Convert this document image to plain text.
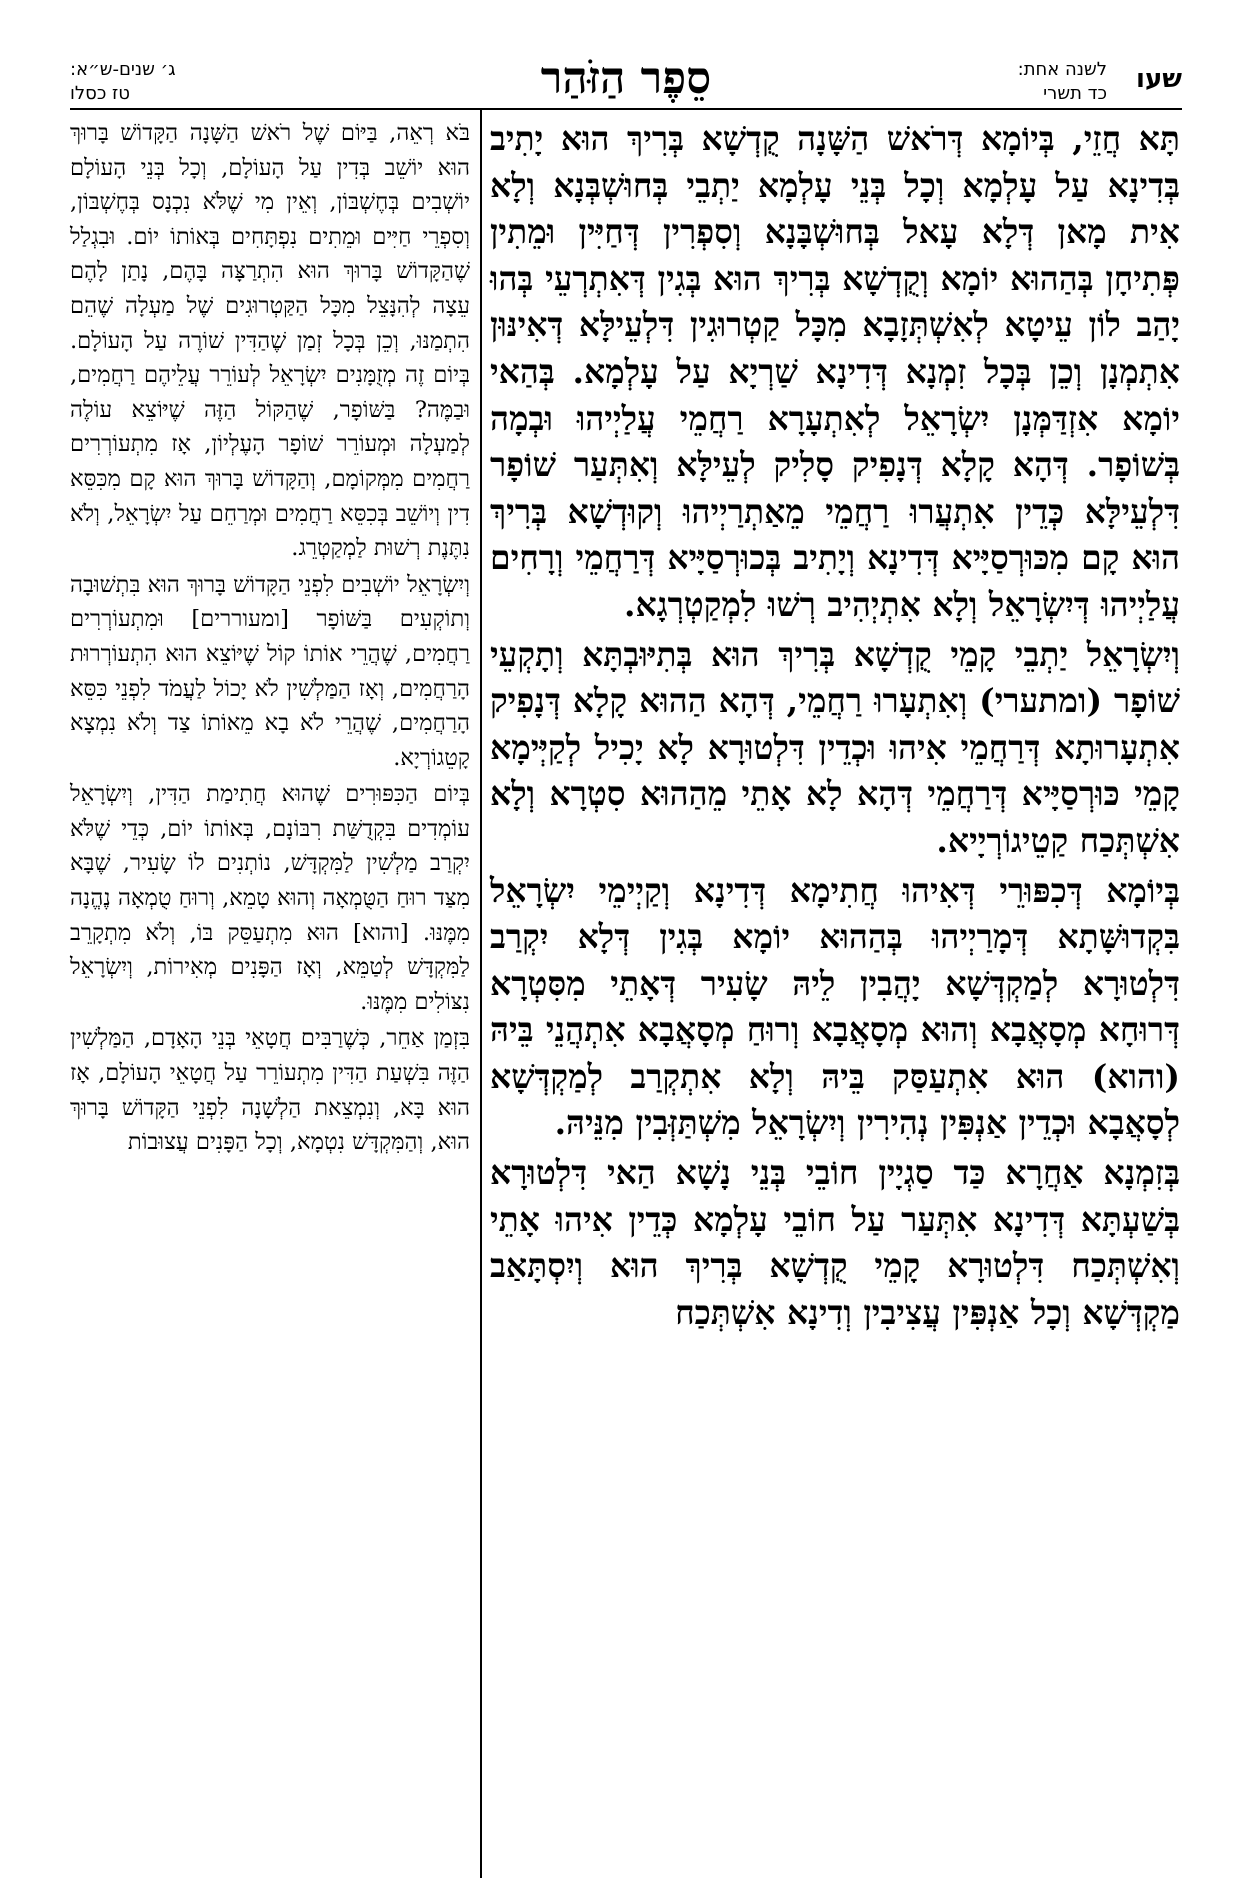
שעו
לשנה אחת:
כד תשרי
סֵפֶר הַזֹּהַר
ג׳ שנים-ש״א:
טז כסלו

תָּא חֲזֵי, בְּיוֹמָא דְּרֹאשׁ הַשָּׁנָה קֻדְשָׁא בְּרִיךְ הוּא יָתִיב בְּדִינָא עַל עָלְמָא וְכָל בְּנֵי עָלְמָא יַתְבֵי בְּחוּשְׁבְּנָא וְלָא אִית מָאן דְּלָא עָאל בְּחוּשְׁבָּנָא וְסִפְרִין דְּחַיִּין וּמֵתִין פְּתִיחָן בְּהַהוּא יוֹמָא וְקֻדְשָׁא בְּרִיךְ הוּא בְּגִין דְּאִתְרְעֵי בְּהוּ יָהַב לוֹן עֵיטָא לְאִשְׁתְּזָבָא מִכָּל קַטְרוּגִין דִּלְעֵילָּא דְּאִינּוּן אִתְמְנָן וְכֵן בְּכָל זִמְנָא דְּדִינָא שַׁרְיָא עַל עָלְמָא. בְּהַאי יוֹמָא אִזְדַּמְּנָן יִשְׂרָאֵל לְאִתְעָרָא רַחֲמֵי עֲלַיְיהוּ וּבְמָה בְּשׁוֹפָר. דְּהָא קָלָא דְּנָפִיק סָלִיק לְעֵילָּא וְאִתְּעַר שׁוֹפָר דִּלְעֵילָּא כְּדֵין אִתְעֲרוּ רַחֲמֵי מֵאַתְרַיְיהוּ וְקוּדְשָׁא בְּרִיךְ הוּא קָם מִכּוּרְסַיָּיא דְּדִינָא וְיָתִיב בְּכוּרְסַיָּיא דְּרַחֲמֵי וְרָחִים עֲלַיְיהוּ דְּיִשְׂרָאֵל וְלָא אִתְיְהִיב רְשׁוּ לִמְקַטְרְגָא.

וְיִשְׂרָאֵל יַתְבֵי קָמֵי קֻדְשָׁא בְּרִיךְ הוּא בְּתִיּוּבְתָּא וְתָקְעֵי שׁוֹפָר (ומתערי) וְאִתְעָרוּ רַחֲמֵי, דְּהָא הַהוּא קָלָא דְּנָפִיק אִתְעָרוּתָא דְּרַחֲמֵי אִיהוּ וּכְדֵין דִּלְטוּרָא לָא יָכִיל לְקַיְּימָא קָמֵי כּוּרְסַיָּיא דְּרַחֲמֵי דְּהָא לָא אָתֵי מֵהַהוּא סִטְרָא וְלָא אִשְׁתְּכַח קַטֵיגוֹרְיָיא.

בְּיוֹמָא דְּכִפּוּרֵי דְּאִיהוּ חֲתִימָא דְּדִינָא וְקַיְימֵי יִשְׂרָאֵל בִּקְדוּשָּׁתָא דְּמָרַיְיהוּ בְּהַהוּא יוֹמָא בְּגִין דְּלָא יִקְרַב דִּלְטוּרָא לְמַקְדְּשָׁא יָהֲבִין לֵיהּ שָׂעִיר דְּאָתֵי מִסִּטְרָא דְּרוּחָא מְסָאֲבָא וְהוּא מְסָאֲבָא וְרוּחַ מְסָאֲבָא אִתְהֲנֵי בֵּיהּ (והוא) הוּא אִתְעַסַּק בֵּיהּ וְלָא אִתְקְרַב לְמַקְדְּשָׁא לְסָאֲבָא וּכְדֵין אַנְפִּין נְהִירִין וְיִשְׂרָאֵל מִשְׁתַּזְּבִין מִנֵּיהּ.

בְּזִמְנָא אַחֲרָא כַּד סַגְיָין חוֹבֵי בְּנֵי נָשָׁא הַאי דִּלְטוּרָא בְּשַׁעְתָּא דְּדִינָא אִתְּעַר עַל חוֹבֵי עָלְמָא כְּדֵין אִיהוּ אָתֵי וְאִשְׁתְּכַח דִּלְטוּרָא קָמֵי קֻדְשָׁא בְּרִיךְ הוּא וְיִסְתָּאַב מַקְדְּשָׁא וְכָל אַנְפִּין עֲצִיבִין וְדִינָא אִשְׁתְּכַח

בֹּא רְאֵה, בַּיּוֹם שֶׁל רֹאשׁ הַשָּׁנָה הַקָּדוֹשׁ בָּרוּךְ הוּא יוֹשֵׁב בְּדִין עַל הָעוֹלָם, וְכָל בְּנֵי הָעוֹלָם יוֹשְׁבִים בְּחֶשְׁבּוֹן, וְאֵין מִי שֶׁלֹּא נִכְנָס בְּחֶשְׁבּוֹן, וְסִפְרֵי חַיִּים וּמֵתִים נִפְתָּחִים בְּאוֹתוֹ יוֹם. וּבִגְלַל שֶׁהַקָּדוֹשׁ בָּרוּךְ הוּא הִתְרַצָּה בָּהֶם, נָתַן לָהֶם עֵצָה לְהִנָּצֵל מִכָּל הַקַּטְרוּגִים שֶׁל מַעְלָה שֶׁהֵם הִתְמַנּוּ, וְכֵן בְּכָל זְמַן שֶׁהַדִּין שׁוֹרֶה עַל הָעוֹלָם. בְּיוֹם זֶה מְזֻמָּנִים יִשְׂרָאֵל לְעוֹרֵר עֲלֵיהֶם רַחֲמִים, וּבַמֶּה? בַּשּׁוֹפָר, שֶׁהַקּוֹל הַזֶּה שֶׁיּוֹצֵא עוֹלֶה לְמַעְלָה וּמְעוֹרֵר שׁוֹפָר הָעֶלְיוֹן, אָז מִתְעוֹרְרִים רַחֲמִים מִמְּקוֹמָם, וְהַקָּדוֹשׁ בָּרוּךְ הוּא קָם מִכִּסֵּא דִין וְיוֹשֵׁב בְּכִסֵּא רַחֲמִים וּמְרַחֵם עַל יִשְׂרָאֵל, וְלֹא נִתֶּנֶת רְשׁוּת לַמְקַטְרֵג.

וְיִשְׂרָאֵל יוֹשְׁבִים לִפְנֵי הַקָּדוֹשׁ בָּרוּךְ הוּא בִּתְשׁוּבָה וְתוֹקְעִים בַּשּׁוֹפָר [ומעוררים] וּמִתְעוֹרְרִים רַחֲמִים, שֶׁהֲרֵי אוֹתוֹ קוֹל שֶׁיּוֹצֵא הוּא הִתְעוֹרְרוּת הָרַחֲמִים, וְאָז הַמַּלְשִׁין לֹא יָכוֹל לַעֲמֹד לִפְנֵי כִּסֵּא הָרַחֲמִים, שֶׁהֲרֵי לֹא בָא מֵאוֹתוֹ צַד וְלֹא נִמְצָא קָטֵגוֹרְיָא.

בְּיוֹם הַכִּפּוּרִים שֶׁהוּא חֲתִימַת הַדִּין, וְיִשְׂרָאֵל עוֹמְדִים בִּקְדֻשַּׁת רִבּוֹנָם, בְּאוֹתוֹ יוֹם, כְּדֵי שֶׁלֹּא יִקְרַב מַלְשִׁין לַמִּקְדָּשׁ, נוֹתְנִים לוֹ שָׂעִיר, שֶׁבָּא מִצַּד רוּחַ הַטֻּמְאָה וְהוּא טָמֵא, וְרוּחַ טֻמְאָה נֶהֱנָה מִמֶּנּוּ. [והוא] הוּא מִתְעַסֵּק בּוֹ, וְלֹא מִתְקָרֵב לַמִּקְדָּשׁ לְטַמֵּא, וְאָז הַפָּנִים מְאִירוֹת, וְיִשְׂרָאֵל נִצּוֹלִים מִמֶּנּוּ.

בִּזְמַן אַחֵר, כְּשֶׁרַבִּים חֲטָאֵי בְּנֵי הָאָדָם, הַמַּלְשִׁין הַזֶּה בִּשְׁעַת הַדִּין מִתְעוֹרֵר עַל חֲטָאֵי הָעוֹלָם, אָז הוּא בָּא, וְנִמְצֵאת הַלְשָׁנָה לִפְנֵי הַקָּדוֹשׁ בָּרוּךְ הוּא, וְהַמִּקְדָּשׁ נִטְמָא, וְכָל הַפָּנִים עֲצוּבוֹת
